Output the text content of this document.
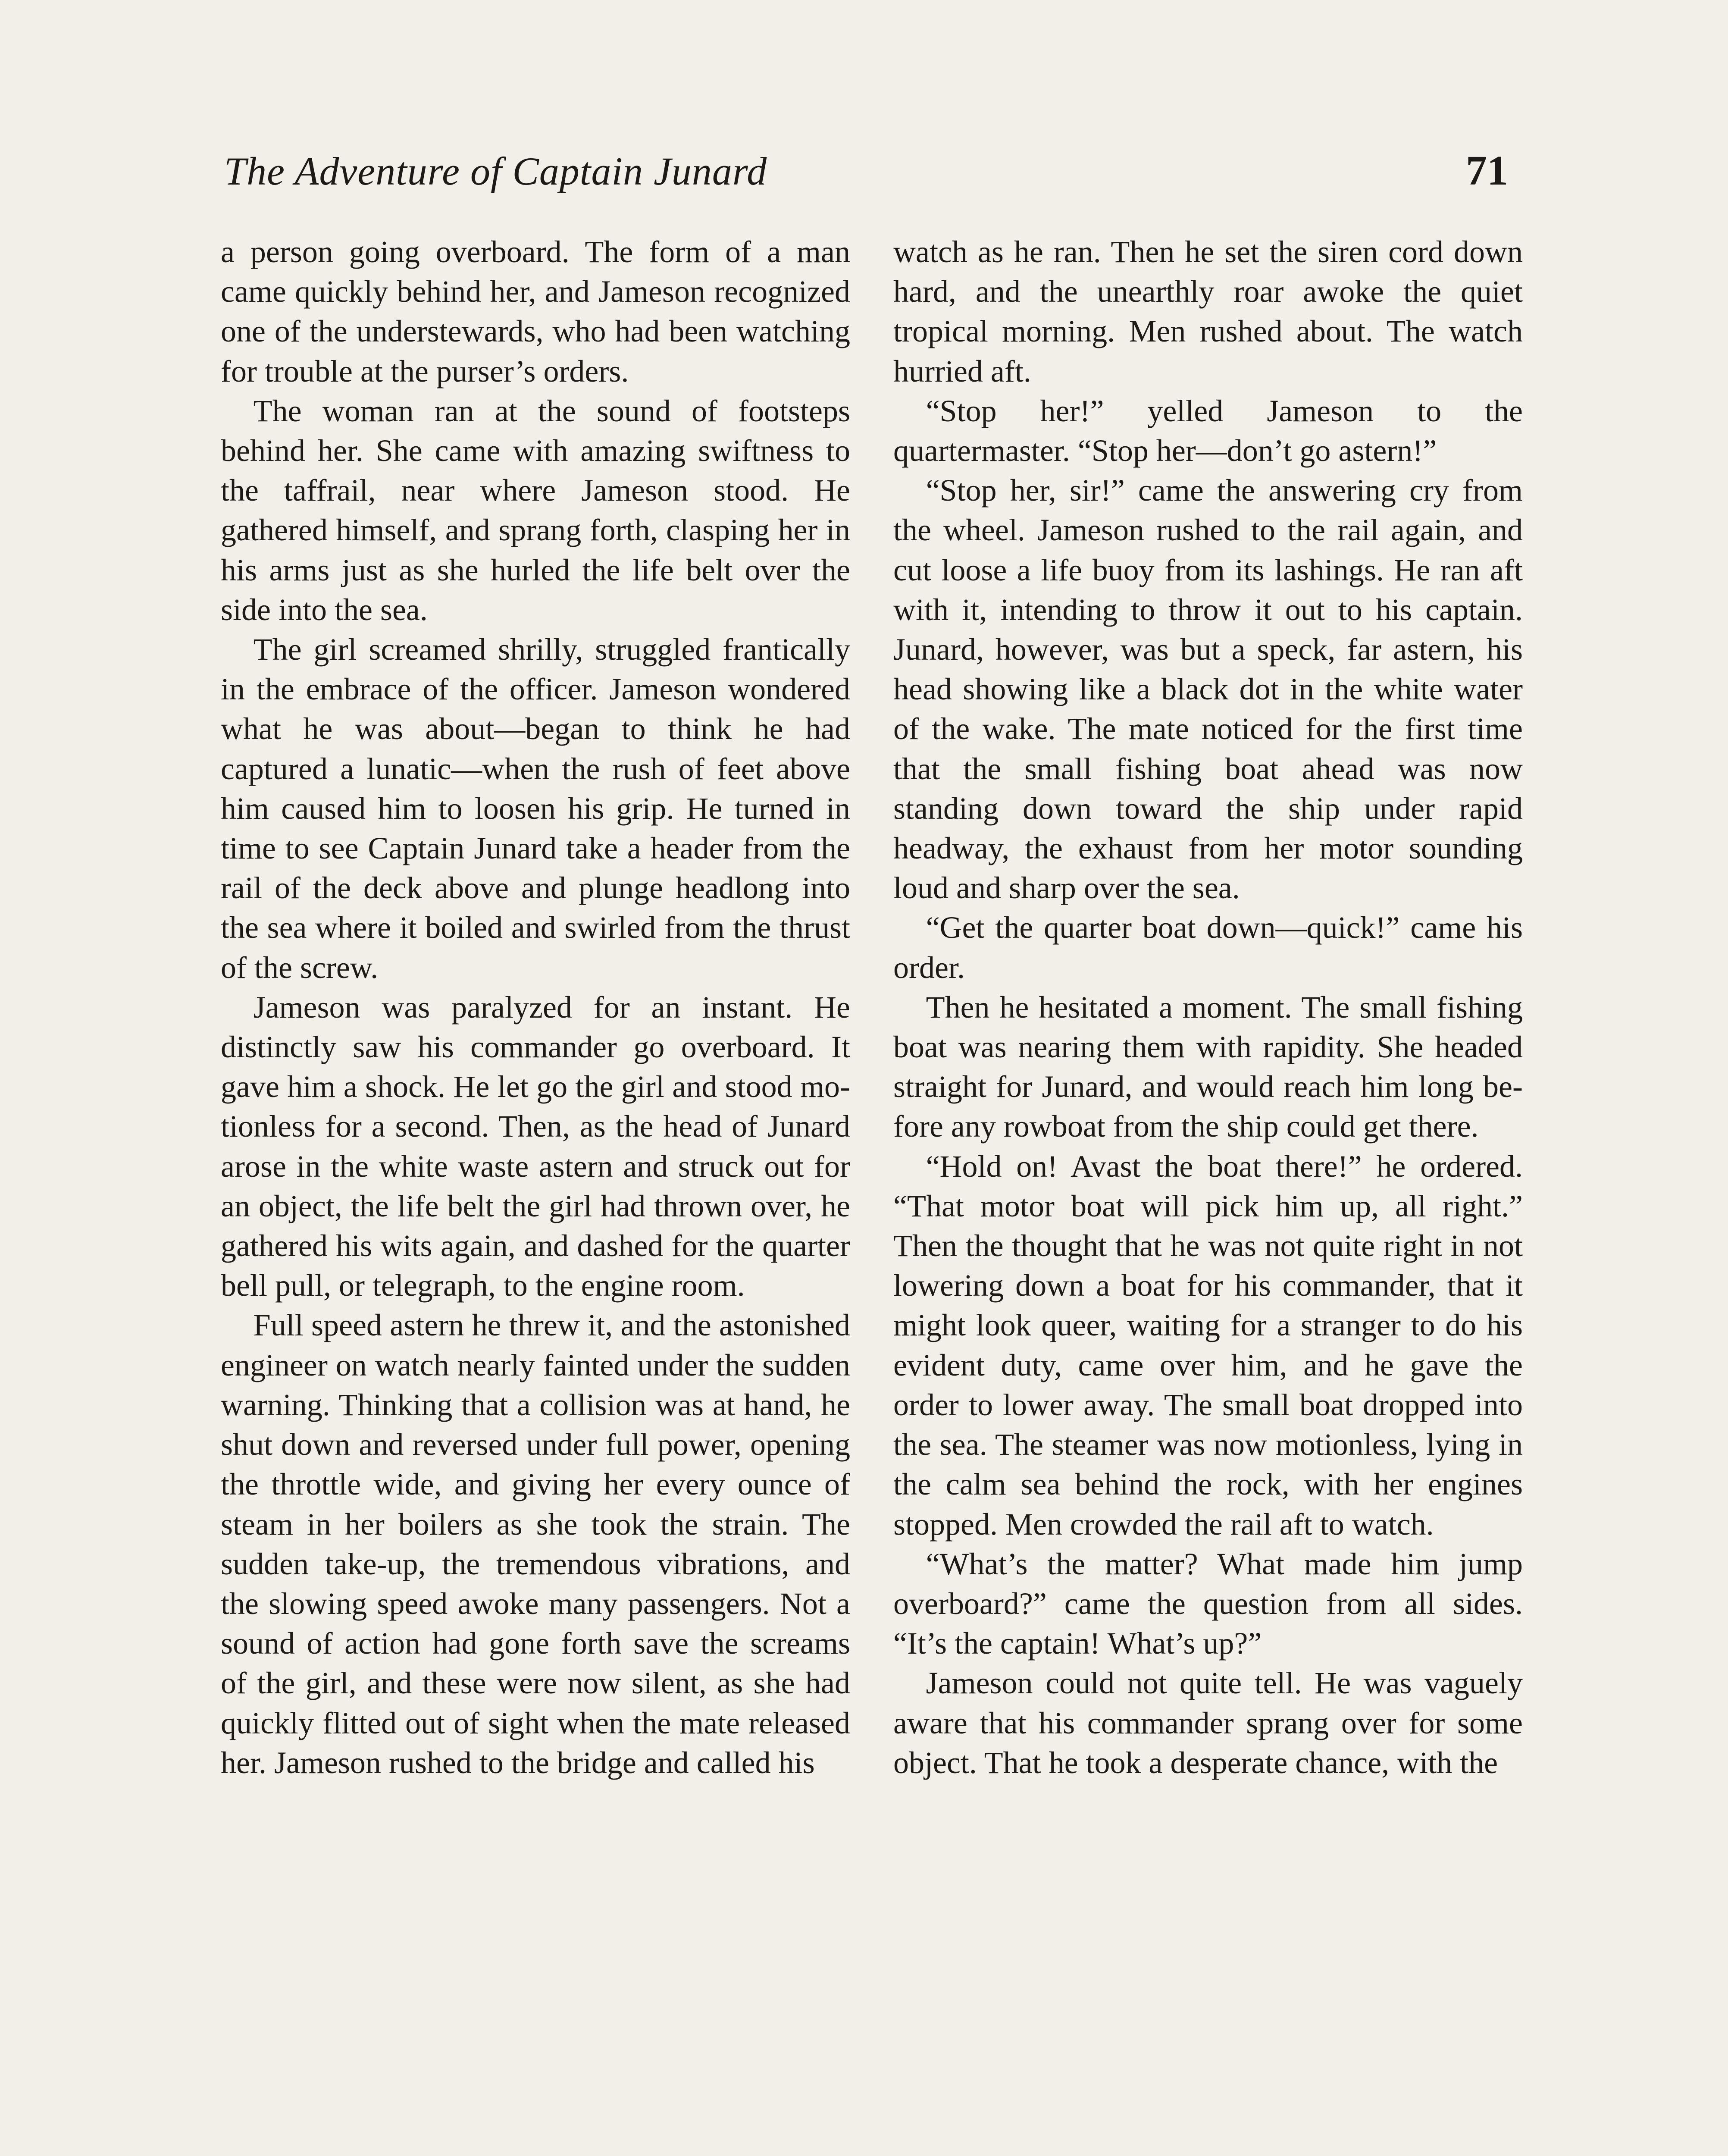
The Adventure of Captain Junard	71

a person going overboard. The form of a man came quickly behind her, and Jameson recognized one of the understewards, who had been watching for trouble at the purser’s orders.

The woman ran at the sound of footsteps behind her. She came with amazing swiftness to the taffrail, near where Jameson stood. He gathered himself, and sprang forth, clasping her in his arms just as she hurled the life belt over the side into the sea.

The girl screamed shrilly, struggled frantically in the embrace of the officer. Jameson wondered what he was about—began to think he had captured a lunatic—when the rush of feet above him caused him to loosen his grip. He turned in time to see Captain Junard take a header from the rail of the deck above and plunge headlong into the sea where it boiled and swirled from the thrust of the screw.

Jameson was paralyzed for an instant. He distinctly saw his commander go overboard. It gave him a shock. He let go the girl and stood motionless for a second. Then, as the head of Junard arose in the white waste astern and struck out for an object, the life belt the girl had thrown over, he gathered his wits again, and dashed for the quarter bell pull, or telegraph, to the engine room.

Full speed astern he threw it, and the astonished engineer on watch nearly fainted under the sudden warning. Thinking that a collision was at hand, he shut down and reversed under full power, opening the throttle wide, and giving her every ounce of steam in her boilers as she took the strain. The sudden take-up, the tremendous vibrations, and the slowing speed awoke many passengers. Not a sound of action had gone forth save the screams of the girl, and these were now silent, as she had quickly flitted out of sight when the mate released her. Jameson rushed to the bridge and called his

watch as he ran. Then he set the siren cord down hard, and the unearthly roar awoke the quiet tropical morning. Men rushed about. The watch hurried aft.

“Stop her!” yelled Jameson to the quartermaster. “Stop her—don’t go astern!”

“Stop her, sir!” came the answering cry from the wheel. Jameson rushed to the rail again, and cut loose a life buoy from its lashings. He ran aft with it, intending to throw it out to his captain. Junard, however, was but a speck, far astern, his head showing like a black dot in the white water of the wake. The mate noticed for the first time that the small fishing boat ahead was now standing down toward the ship under rapid headway, the exhaust from her motor sounding loud and sharp over the sea.

“Get the quarter boat down—quick!” came his order.

Then he hesitated a moment. The small fishing boat was nearing them with rapidity. She headed straight for Junard, and would reach him long before any rowboat from the ship could get there.

“Hold on! Avast the boat there!” he ordered. “That motor boat will pick him up, all right.” Then the thought that he was not quite right in not lowering down a boat for his commander, that it might look queer, waiting for a stranger to do his evident duty, came over him, and he gave the order to lower away. The small boat dropped into the sea. The steamer was now motionless, lying in the calm sea behind the rock, with her engines stopped. Men crowded the rail aft to watch.

“What’s the matter? What made him jump overboard?” came the question from all sides. “It’s the captain! What’s up?”

Jameson could not quite tell. He was vaguely aware that his commander sprang over for some object. That he took a desperate chance, with the
